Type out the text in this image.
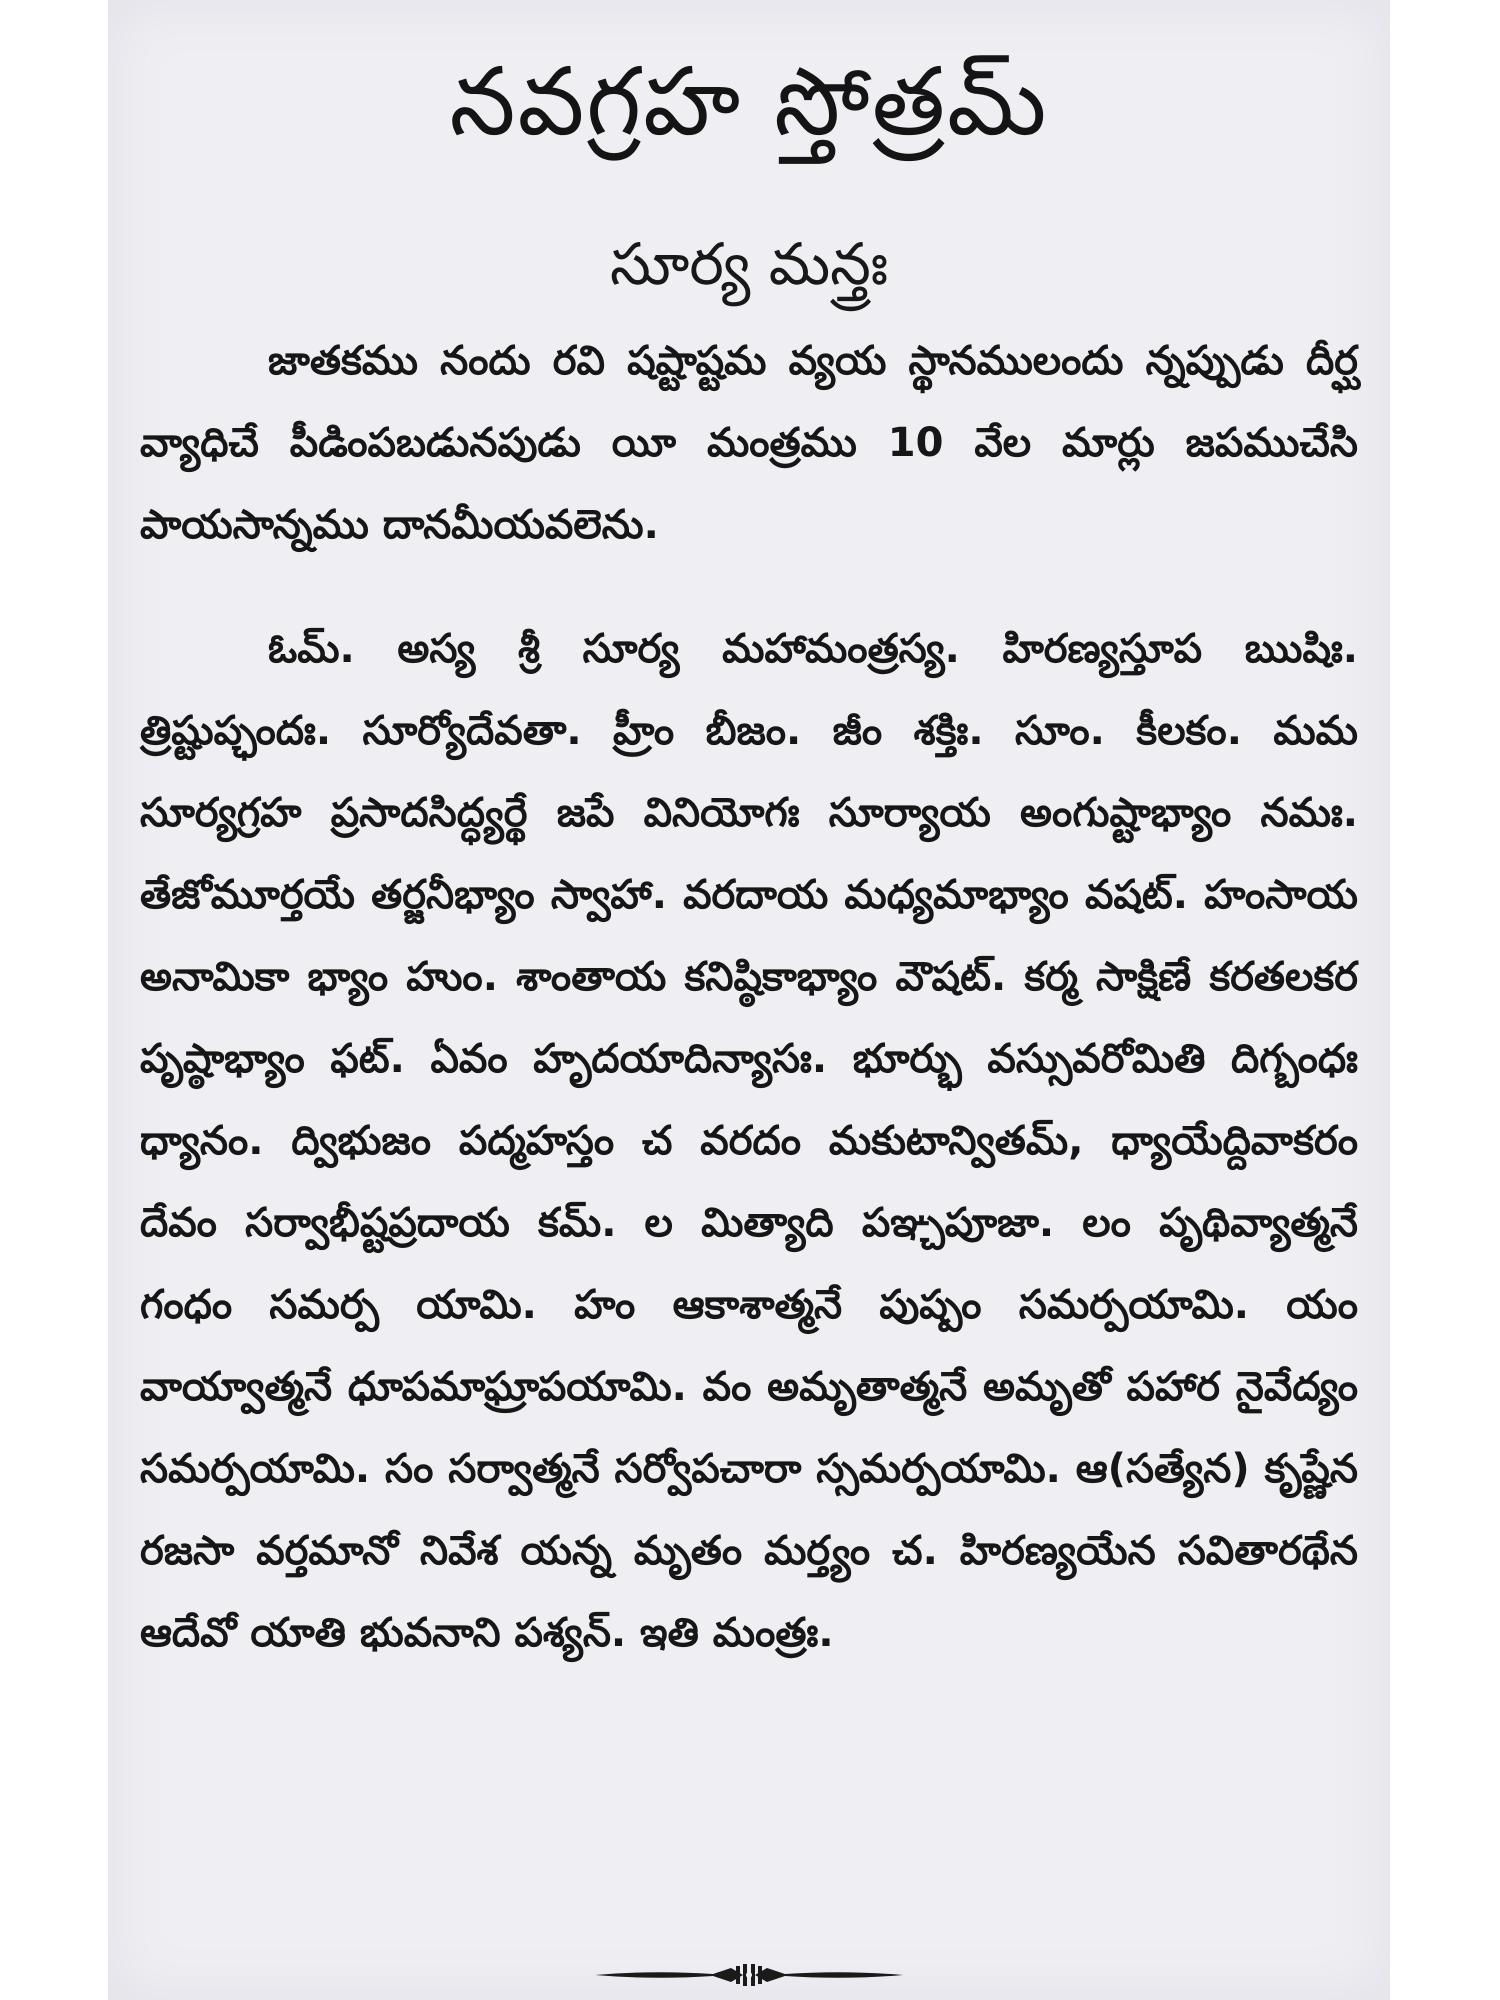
నవగ్రహ స్తోత్రమ్
సూర్య మన్త్రః
జాతకము నందు రవి షష్టాష్టమ వ్యయ స్థానములందు న్నప్పుడు దీర్ఘ వ్యాధిచే పీడింపబడునపుడు యీ మంత్రము 10 వేల మార్లు జపముచేసి పాయసాన్నము దానమీయవలెను.
ఓమ్. అస్య శ్రీ సూర్య మహామంత్రస్య. హిరణ్యస్తూప ఋషిః. త్రిష్టుప్ఛందః. సూర్యోదేవతా. హ్రీం బీజం. జీం శక్తిః. సూం. కీలకం. మమ సూర్యగ్రహ ప్రసాదసిద్ధ్యర్థే జపే వినియోగః సూర్యాయ అంగుష్టాభ్యాం నమః. తేజోమూర్తయే తర్జనీభ్యాం స్వాహా. వరదాయ మధ్యమాభ్యాం వషట్. హంసాయ అనామికా భ్యాం హుం. శాంతాయ కనిష్ఠికాభ్యాం వౌషట్. కర్మ సాక్షిణే కరతలకర పృష్ఠాభ్యాం ఫట్. ఏవం హృదయాదిన్యాసః. భూర్భు వస్సువరోమితి దిగ్బంధః ధ్యానం. ద్విభుజం పద్మహస్తం చ వరదం మకుటాన్వితమ్, ధ్యాయేద్దివాకరం దేవం సర్వాభీష్టప్రదాయ కమ్. ల మిత్యాది పఞ్చపూజా. లం పృథివ్యాత్మనే గంధం సమర్ప యామి. హం ఆకాశాత్మనే పుష్పం సమర్పయామి. యం వాయ్వాత్మనే ధూపమాఘ్రాపయామి. వం అమృతాత్మనే అమృతో పహార నైవేద్యం సమర్పయామి. సం సర్వాత్మనే సర్వోపచారా స్సమర్పయామి. ఆ(సత్యేన) కృష్ణేన రజసా వర్తమానో నివేశ యన్న మృతం మర్త్యం చ. హిరణ్యయేన సవితారథేన ఆదేవో యాతి భువనాని పశ్యన్. ఇతి మంత్రః.
